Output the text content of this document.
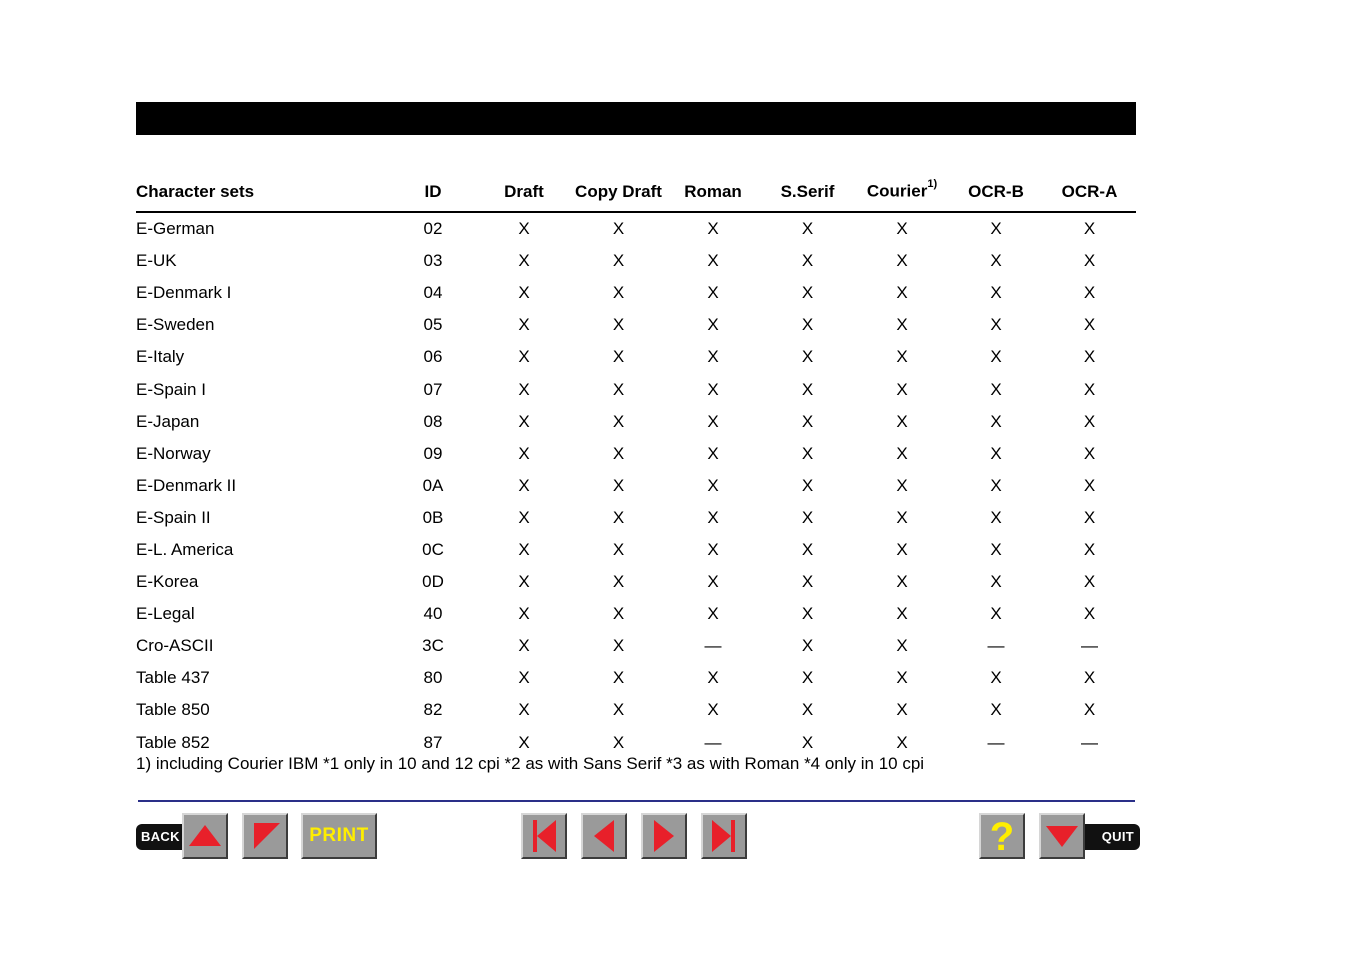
Character sets	ID	Draft	Copy Draft	Roman	S.Serif	Courier$^{1)}$	OCR-B	OCR-A
E-German	02	X	X	X	X	X	X	X
E-UK	03	X	X	X	X	X	X	X
E-Denmark I	04	X	X	X	X	X	X	X
E-Sweden	05	X	X	X	X	X	X	X
E-Italy	06	X	X	X	X	X	X	X
E-Spain I	07	X	X	X	X	X	X	X
E-Japan	08	X	X	X	X	X	X	X
E-Norway	09	X	X	X	X	X	X	X
E-Denmark II	0A	X	X	X	X	X	X	X
E-Spain II	0B	X	X	X	X	X	X	X
E-L. America	0C	X	X	X	X	X	X	X
E-Korea	0D	X	X	X	X	X	X	X
E-Legal	40	X	X	X	X	X	X	X
Cro-ASCII	3C	X	X	—	X	X	—	—
Table 437	80	X	X	X	X	X	X	X
Table 850	82	X	X	X	X	X	X	X
Table 852	87	X	X	—	X	X	—	—
1) including Courier IBM *1 only in 10 and 12 cpi *2 as with Sans Serif *3 as with Roman *4 only in 10 cpi
BACK	PRINT	?	QUIT
